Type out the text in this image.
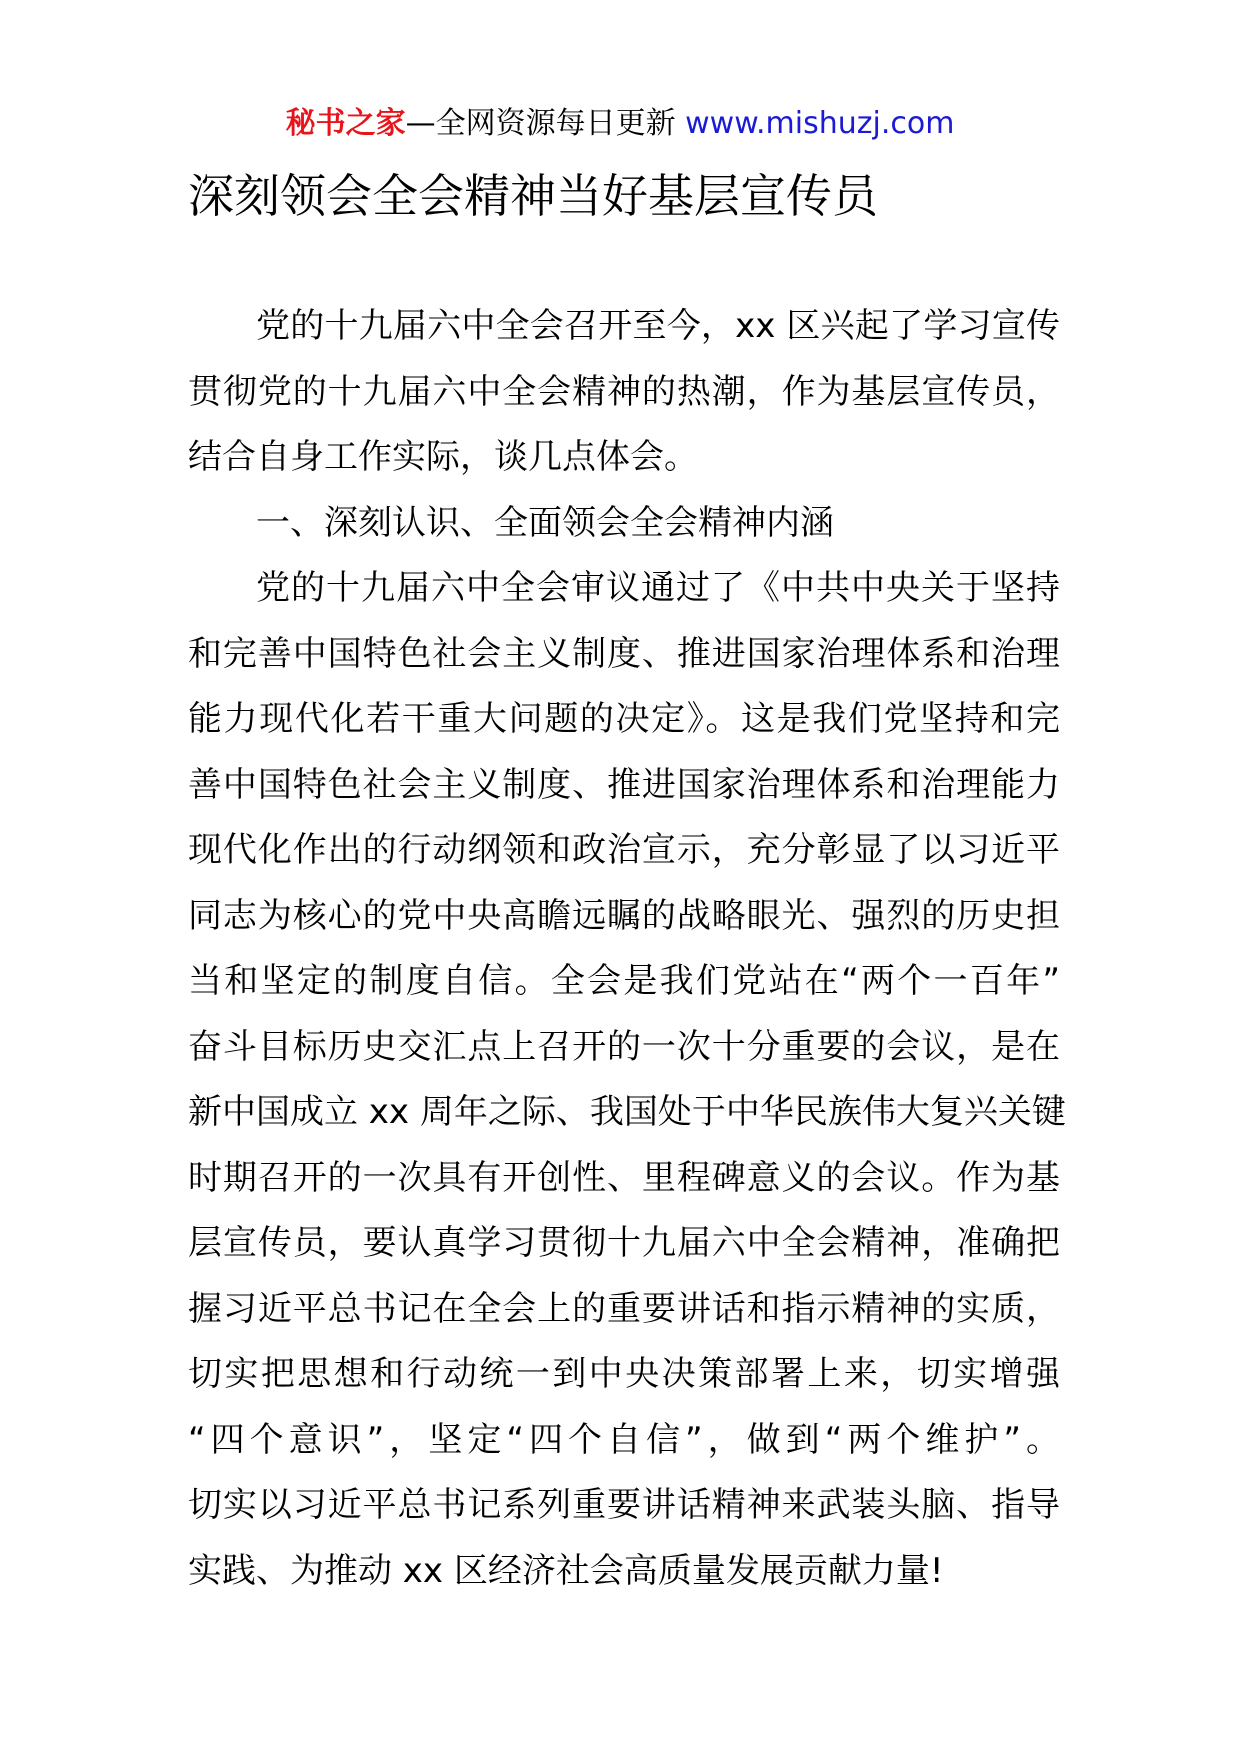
秘书之家—全网资源每日更新 www.mishuzj.com
深刻领会全会精神当好基层宣传员
党的十九届六中全会召开至今，xx 区兴起了学习宣传
贯彻党的十九届六中全会精神的热潮，作为基层宣传员，
结合自身工作实际，谈几点体会。
一、深刻认识、全面领会全会精神内涵
党的十九届六中全会审议通过了《中共中央关于坚持
和完善中国特色社会主义制度、推进国家治理体系和治理
能力现代化若干重大问题的决定》。这是我们党坚持和完
善中国特色社会主义制度、推进国家治理体系和治理能力
现代化作出的行动纲领和政治宣示，充分彰显了以习近平
同志为核心的党中央高瞻远瞩的战略眼光、强烈的历史担
当和坚定的制度自信。全会是我们党站在“两个一百年”
奋斗目标历史交汇点上召开的一次十分重要的会议，是在
新中国成立 xx 周年之际、我国处于中华民族伟大复兴关键
时期召开的一次具有开创性、里程碑意义的会议。作为基
层宣传员，要认真学习贯彻十九届六中全会精神，准确把
握习近平总书记在全会上的重要讲话和指示精神的实质，
切实把思想和行动统一到中央决策部署上来，切实增强
“四个意识”，坚定“四个自信”，做到“两个维护”。
切实以习近平总书记系列重要讲话精神来武装头脑、指导
实践、为推动 xx 区经济社会高质量发展贡献力量!
